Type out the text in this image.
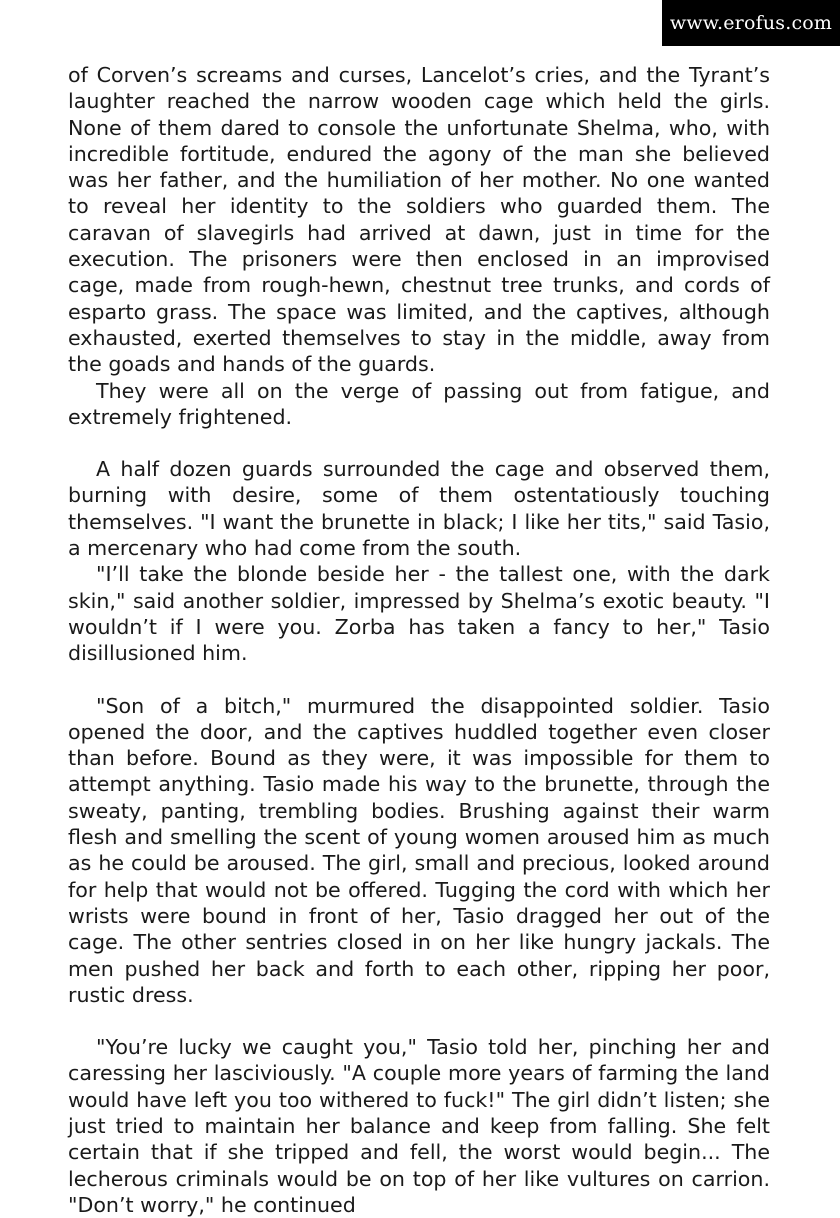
www.erofus.com

of Corven’s screams and curses, Lancelot’s cries, and the Tyrant’s laughter reached the narrow wooden cage which held the girls. None of them dared to console the unfortunate Shelma, who, with incredible fortitude, endured the agony of the man she believed was her father, and the humiliation of her mother. No one wanted to reveal her identity to the soldiers who guarded them. The caravan of slavegirls had arrived at dawn, just in time for the execution. The prisoners were then enclosed in an improvised cage, made from rough-hewn, chestnut tree trunks, and cords of esparto grass. The space was limited, and the captives, although exhausted, exerted themselves to stay in the middle, away from the goads and hands of the guards.

They were all on the verge of passing out from fatigue, and extremely frightened.

A half dozen guards surrounded the cage and observed them, burning with desire, some of them ostentatiously touching themselves. "I want the brunette in black; I like her tits," said Tasio, a mercenary who had come from the south.

"I’ll take the blonde beside her - the tallest one, with the dark skin," said another soldier, impressed by Shelma’s exotic beauty. "I wouldn’t if I were you. Zorba has taken a fancy to her," Tasio disillusioned him.

"Son of a bitch," murmured the disappointed soldier. Tasio opened the door, and the captives huddled together even closer than before. Bound as they were, it was impossible for them to attempt anything. Tasio made his way to the brunette, through the sweaty, panting, trembling bodies. Brushing against their warm flesh and smelling the scent of young women aroused him as much as he could be aroused. The girl, small and precious, looked around for help that would not be offered. Tugging the cord with which her wrists were bound in front of her, Tasio dragged her out of the cage. The other sentries closed in on her like hungry jackals. The men pushed her back and forth to each other, ripping her poor, rustic dress.

"You’re lucky we caught you," Tasio told her, pinching her and caressing her lasciviously. "A couple more years of farming the land would have left you too withered to fuck!" The girl didn’t listen; she just tried to maintain her balance and keep from falling. She felt certain that if she tripped and fell, the worst would begin... The lecherous criminals would be on top of her like vultures on carrion. "Don’t worry," he continued
